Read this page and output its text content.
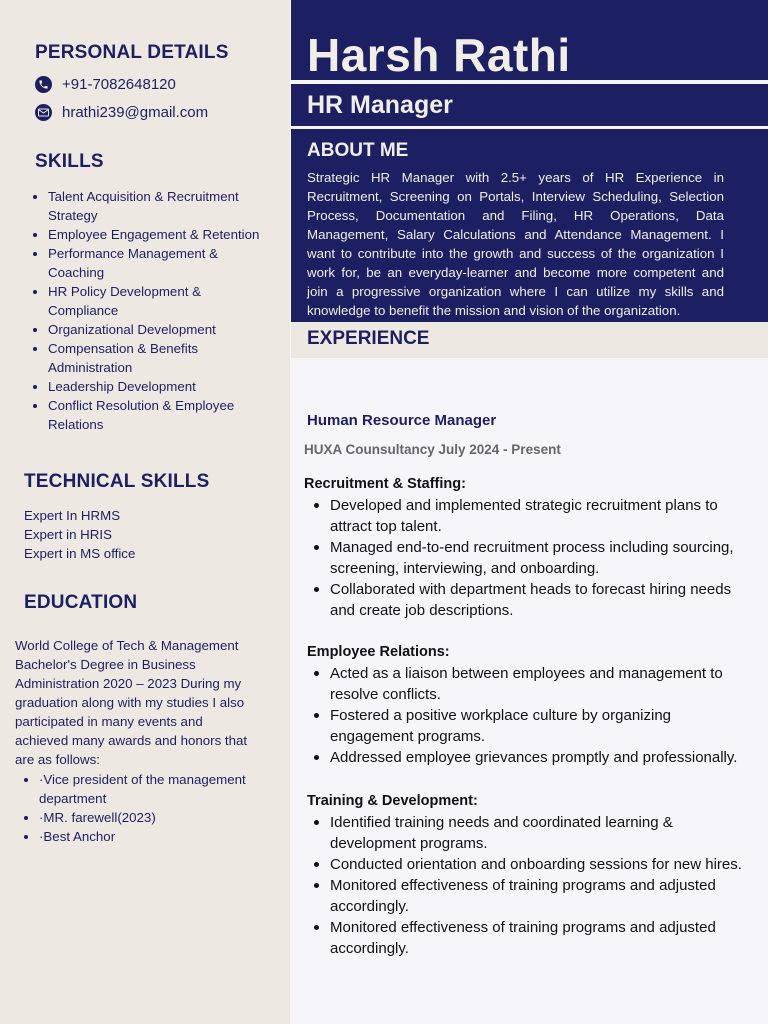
PERSONAL DETAILS
+91-7082648120
hrathi239@gmail.com
SKILLS
Talent Acquisition & Recruitment Strategy
Employee Engagement & Retention
Performance Management & Coaching
HR Policy Development & Compliance
Organizational Development
Compensation & Benefits Administration
Leadership Development
Conflict Resolution & Employee Relations
TECHNICAL SKILLS
Expert In HRMS
Expert in HRIS
Expert in MS office
EDUCATION
World College of Tech & Management Bachelor's Degree in Business Administration 2020 – 2023 During my graduation along with my studies I also participated in many events and achieved many awards and honors that are as follows:
·Vice president of the management department
·MR. farewell(2023)
·Best Anchor
Harsh Rathi
HR Manager
ABOUT ME
Strategic HR Manager with 2.5+ years of HR Experience in Recruitment, Screening on Portals, Interview Scheduling, Selection Process, Documentation and Filing, HR Operations, Data Management, Salary Calculations and Attendance Management. I want to contribute into the growth and success of the organization I work for, be an everyday-learner and become more competent and join a progressive organization where I can utilize my skills and knowledge to benefit the mission and vision of the organization.
EXPERIENCE
Human Resource Manager
HUXA Counsultancy July 2024 - Present
Recruitment & Staffing:
Developed and implemented strategic recruitment plans to attract top talent.
Managed end-to-end recruitment process including sourcing, screening, interviewing, and onboarding.
Collaborated with department heads to forecast hiring needs and create job descriptions.
Employee Relations:
Acted as a liaison between employees and management to resolve conflicts.
Fostered a positive workplace culture by organizing engagement programs.
Addressed employee grievances promptly and professionally.
Training & Development:
Identified training needs and coordinated learning & development programs.
Conducted orientation and onboarding sessions for new hires.
Monitored effectiveness of training programs and adjusted accordingly.
Monitored effectiveness of training programs and adjusted accordingly.
